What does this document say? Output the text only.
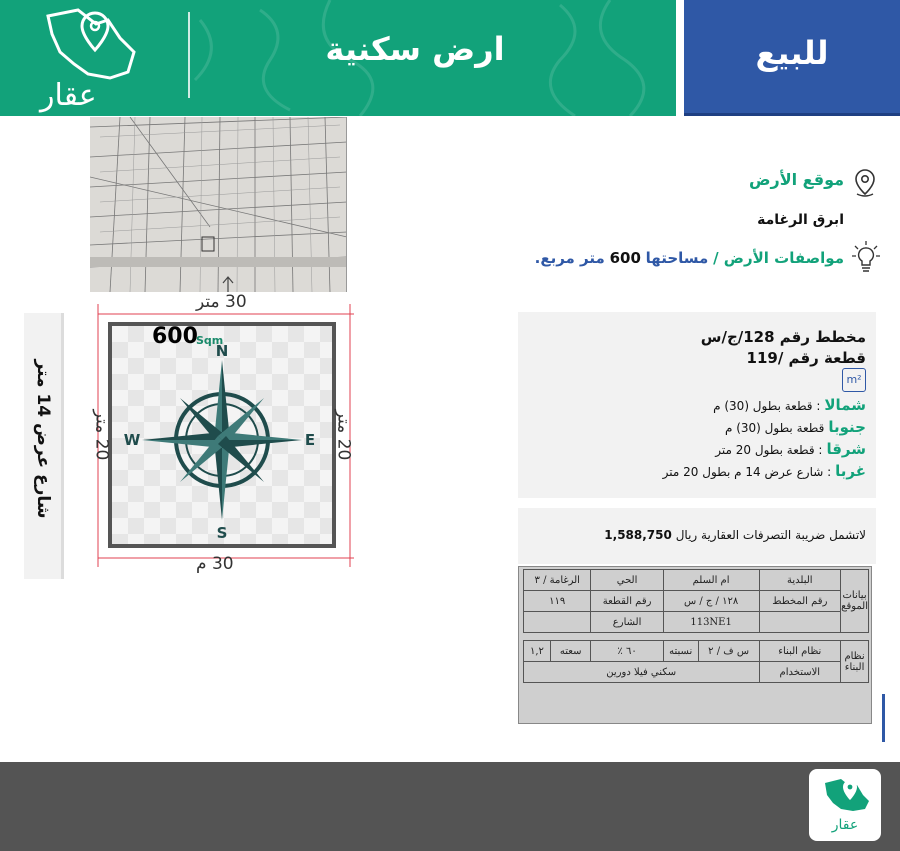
عقار
ارض سكنية	للبيع
30 متر
30 م
20 متر
20 متر
600
Sqm
N
S
E
W
شارع عرض 14 متر
موقع الأرض
ابرق الرغامة
مواصفات الأرض / مساحتها 600 متر مربع.
مخطط رقم 128/ج/س
قطعة رقم /119
m²
شمالا: قطعة بطول (30) م
جنوباقطعة بطول (30) م
شرقا: قطعة بطول 20 متر
غربا: شارع عرض 14 م بطول 20 متر
لاتشمل ضريبة التصرفات العقارية ريال 1,588,750
بيانات الموقع	البلدية	ام السلم		الحي	الرغامة / ٣	
	رقم المخطط	١٢٨ / ج / س		رقم القطعة	١١٩	
		113NE1		الشارع		

نظام البناء	نظام البناء	س ف / ٢	نسبته	٦٠ ٪	سعته	١,٢
	الاستخدام	سكني فيلا دورين				
عقار
